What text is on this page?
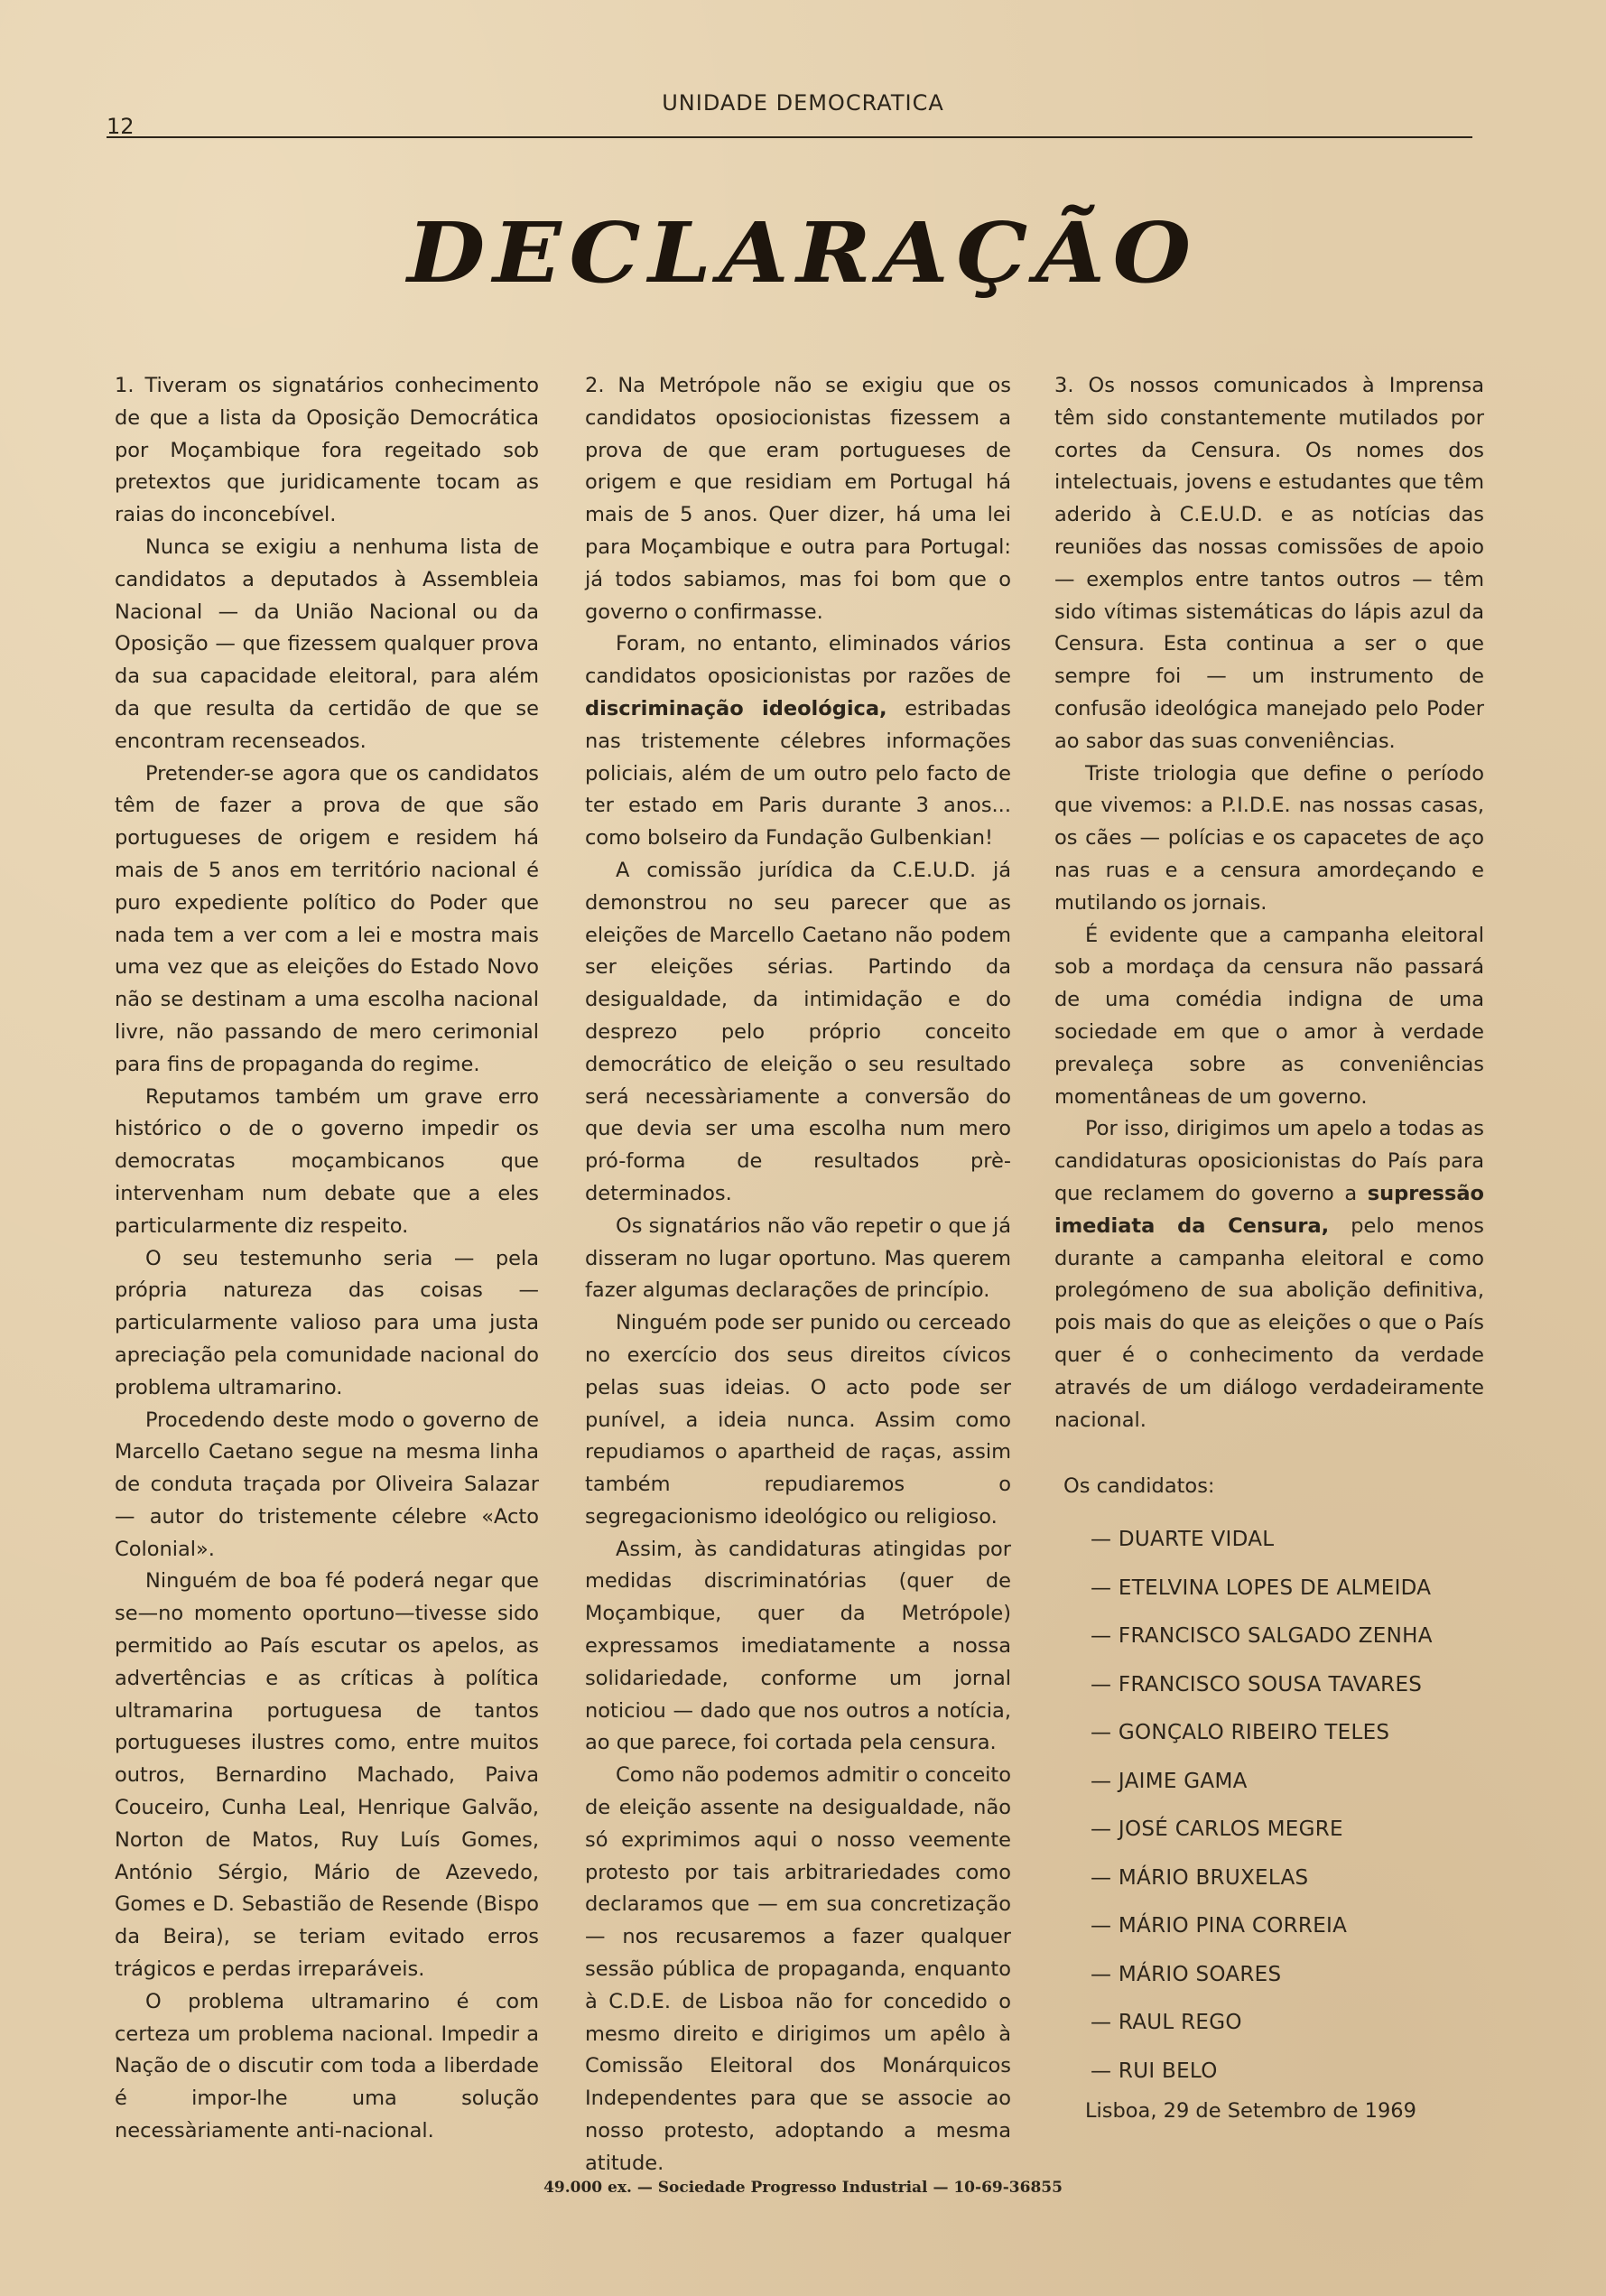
12
UNIDADE DEMOCRATICA
DECLARAÇÃO

1. Tiveram os signatários conhecimento de que a lista da Oposição Democrática por Moçambique fora regeitado sob pretextos que juridicamente tocam as raias do inconcebível.

Nunca se exigiu a nenhuma lista de candidatos a deputados à Assembleia Nacional — da União Nacional ou da Oposição — que fizessem qualquer prova da sua capacidade eleitoral, para além da que resulta da certidão de que se encontram recenseados.

Pretender-se agora que os candidatos têm de fazer a prova de que são portugueses de origem e residem há mais de 5 anos em território nacional é puro expediente político do Poder que nada tem a ver com a lei e mostra mais uma vez que as eleições do Estado Novo não se destinam a uma escolha nacional livre, não passando de mero cerimonial para fins de propaganda do regime.

Reputamos também um grave erro histórico o de o governo impedir os democratas moçambicanos que intervenham num debate que a eles particularmente diz respeito.

O seu testemunho seria — pela própria natureza das coisas — particularmente valioso para uma justa apreciação pela comunidade nacional do problema ultramarino.

Procedendo deste modo o governo de Marcello Caetano segue na mesma linha de conduta traçada por Oliveira Salazar — autor do tristemente célebre «Acto Colonial».

Ninguém de boa fé poderá negar que se—no momento oportuno—tivesse sido permitido ao País escutar os apelos, as advertências e as críticas à política ultramarina portuguesa de tantos portugueses ilustres como, entre muitos outros, Bernardino Machado, Paiva Couceiro, Cunha Leal, Henrique Galvão, Norton de Matos, Ruy Luís Gomes, António Sérgio, Mário de Azevedo, Gomes e D. Sebastião de Resende (Bispo da Beira), se teriam evitado erros trágicos e perdas irreparáveis.

O problema ultramarino é com certeza um problema nacional. Impedir a Nação de o discutir com toda a liberdade é impor-lhe uma solução necessàriamente anti-nacional.

2. Na Metrópole não se exigiu que os candidatos oposiocionistas fizessem a prova de que eram portugueses de origem e que residiam em Portugal há mais de 5 anos. Quer dizer, há uma lei para Moçambique e outra para Portugal: já todos sabiamos, mas foi bom que o governo o confirmasse.

Foram, no entanto, eliminados vários candidatos oposicionistas por razões de discriminação ideológica, estribadas nas tristemente célebres informações policiais, além de um outro pelo facto de ter estado em Paris durante 3 anos... como bolseiro da Fundação Gulbenkian!

A comissão jurídica da C.E.U.D. já demonstrou no seu parecer que as eleições de Marcello Caetano não podem ser eleições sérias. Partindo da desigualdade, da intimidação e do desprezo pelo próprio conceito democrático de eleição o seu resultado será necessàriamente a conversão do que devia ser uma escolha num mero pró-forma de resultados prè-determinados.

Os signatários não vão repetir o que já disseram no lugar oportuno. Mas querem fazer algumas declarações de princípio.

Ninguém pode ser punido ou cerceado no exercício dos seus direitos cívicos pelas suas ideias. O acto pode ser punível, a ideia nunca. Assim como repudiamos o apartheid de raças, assim também repudiaremos o segregacionismo ideológico ou religioso.

Assim, às candidaturas atingidas por medidas discriminatórias (quer de Moçambique, quer da Metrópole) expressamos imediatamente a nossa solidariedade, conforme um jornal noticiou — dado que nos outros a notícia, ao que parece, foi cortada pela censura.

Como não podemos admitir o conceito de eleição assente na desigualdade, não só exprimimos aqui o nosso veemente protesto por tais arbitrariedades como declaramos que — em sua concretização — nos recusaremos a fazer qualquer sessão pública de propaganda, enquanto à C.D.E. de Lisboa não for concedido o mesmo direito e dirigimos um apêlo à Comissão Eleitoral dos Monárquicos Independentes para que se associe ao nosso protesto, adoptando a mesma atitude.

3. Os nossos comunicados à Imprensa têm sido constantemente mutilados por cortes da Censura. Os nomes dos intelectuais, jovens e estudantes que têm aderido à C.E.U.D. e as notícias das reuniões das nossas comissões de apoio — exemplos entre tantos outros — têm sido vítimas sistemáticas do lápis azul da Censura. Esta continua a ser o que sempre foi — um instrumento de confusão ideológica manejado pelo Poder ao sabor das suas conveniências.

Triste triologia que define o período que vivemos: a P.I.D.E. nas nossas casas, os cães — polícias e os capacetes de aço nas ruas e a censura amordeçando e mutilando os jornais.

É evidente que a campanha eleitoral sob a mordaça da censura não passará de uma comédia indigna de uma sociedade em que o amor à verdade prevaleça sobre as conveniências momentâneas de um governo.

Por isso, dirigimos um apelo a todas as candidaturas oposicionistas do País para que reclamem do governo a supressão imediata da Censura, pelo menos durante a campanha eleitoral e como prolegómeno de sua abolição definitiva, pois mais do que as eleições o que o País quer é o conhecimento da verdade através de um diálogo verdadeiramente nacional.

Os candidatos:

— DUARTE VIDAL
— ETELVINA LOPES DE ALMEIDA
— FRANCISCO SALGADO ZENHA
— FRANCISCO SOUSA TAVARES
— GONÇALO RIBEIRO TELES
— JAIME GAMA
— JOSÉ CARLOS MEGRE
— MÁRIO BRUXELAS
— MÁRIO PINA CORREIA
— MÁRIO SOARES
— RAUL REGO
— RUI BELO

Lisboa, 29 de Setembro de 1969

49.000 ex. — Sociedade Progresso Industrial — 10-69-36855
